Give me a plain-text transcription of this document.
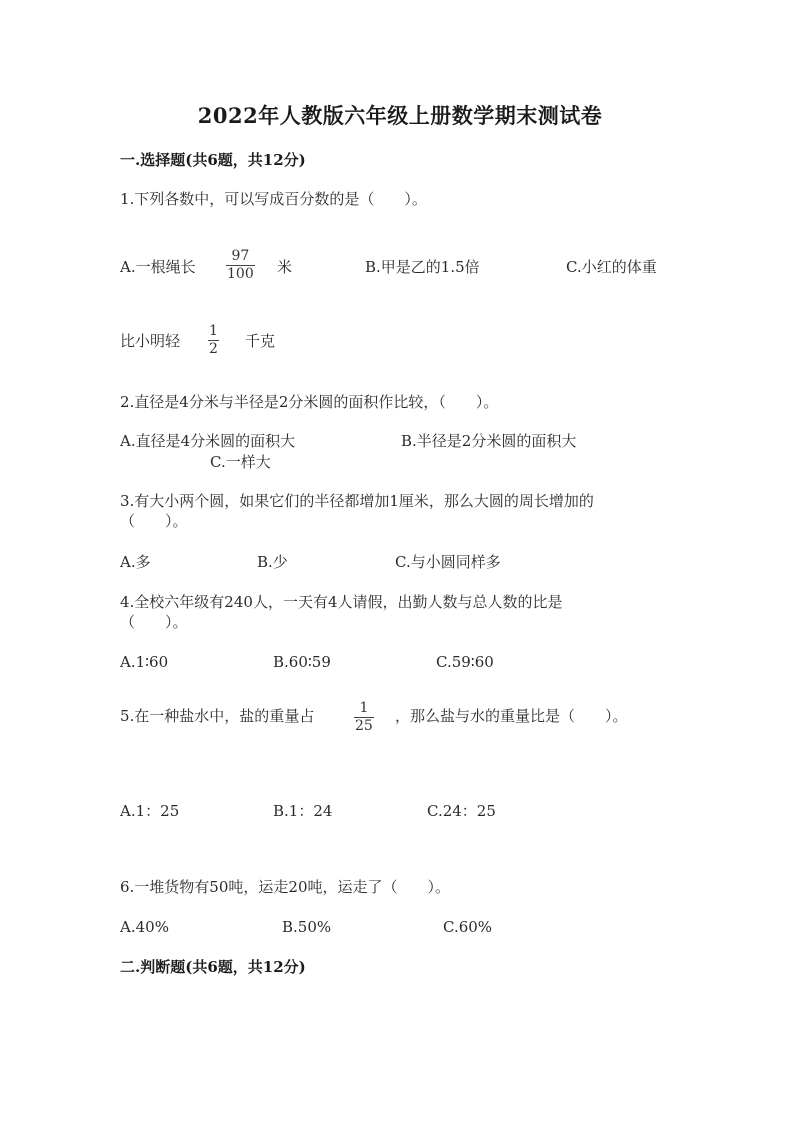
2022年人教版六年级上册数学期末测试卷
一.选择题(共6题，共12分)
1.下列各数中，可以写成百分数的是（　　）。
A.一根绳长
97
100 米	B.甲是乙的1.5倍	C.小红的体重
比小明轻
1
2 千克
2.直径是4分米与半径是2分米圆的面积作比较，（　　）。
A.直径是4分米圆的面积大	B.半径是2分米圆的面积大
C.一样大
3.有大小两个圆，如果它们的半径都增加1厘米，那么大圆的周长增加的
（　　）。
A.多	B.少	C.与小圆同样多
4.全校六年级有240人，一天有4人请假，出勤人数与总人数的比是
（　　）。
A.1∶60	B.60∶59	C.59∶60
5.在一种盐水中，盐的重量占	1
25
，那么盐与水的重量比是（　　）。
A.1：25	B.1：24	C.24：25
6.一堆货物有50吨，运走20吨，运走了（　　）。
A.40%	B.50%	C.60%
二.判断题(共6题，共12分)
